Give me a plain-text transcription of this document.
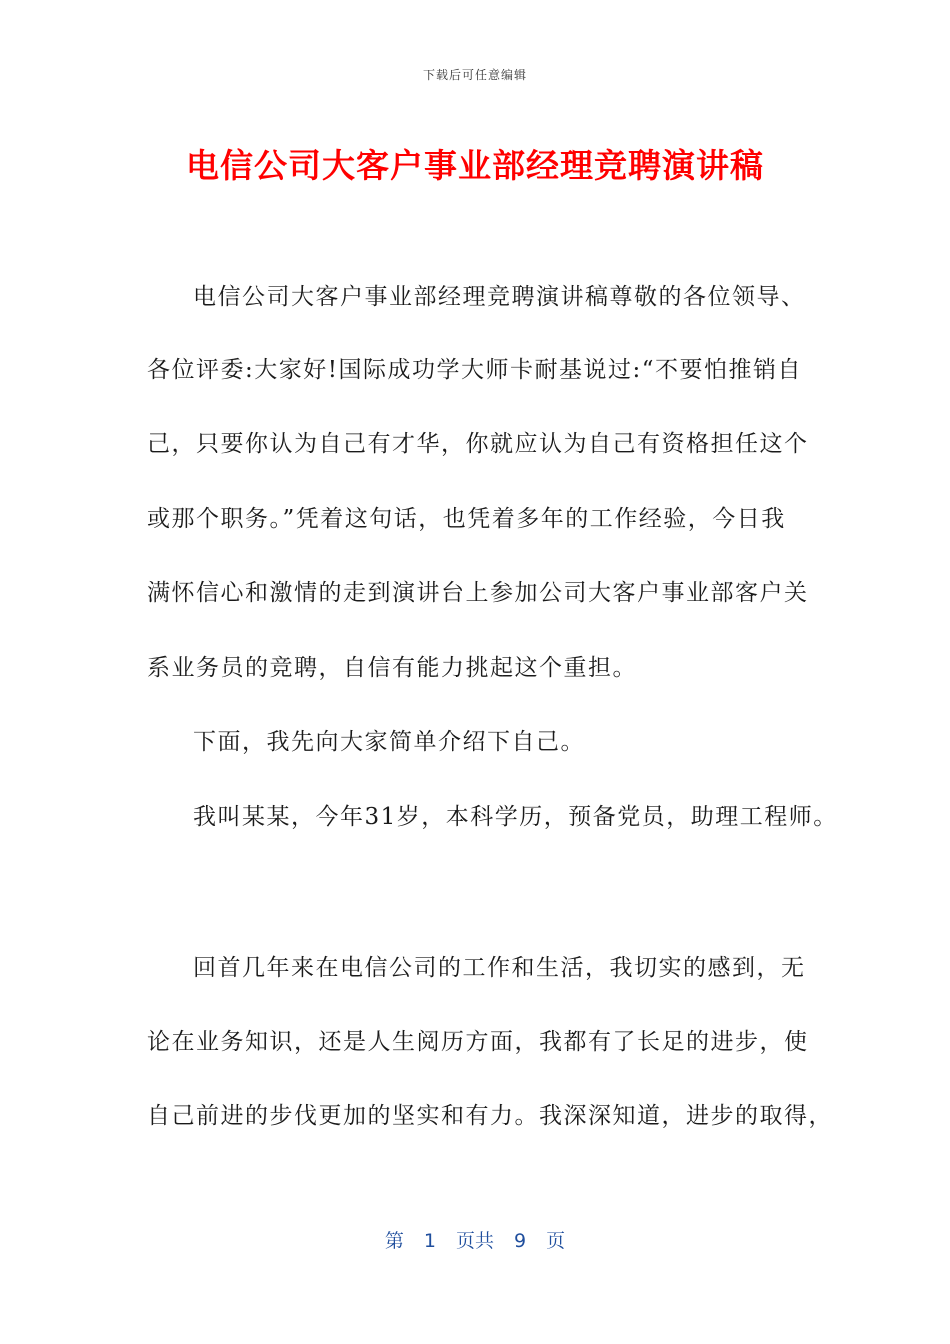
下载后可任意编辑
电信公司大客户事业部经理竞聘演讲稿
电信公司大客户事业部经理竞聘演讲稿尊敬的各位领导、
各位评委:大家好!国际成功学大师卡耐基说过:“不要怕推销自
己，只要你认为自己有才华，你就应认为自己有资格担任这个
或那个职务。”凭着这句话，也凭着多年的工作经验，今日我
满怀信心和激情的走到演讲台上参加公司大客户事业部客户关
系业务员的竞聘，自信有能力挑起这个重担。
下面，我先向大家简单介绍下自己。
我叫某某，今年31岁，本科学历，预备党员，助理工程师。
回首几年来在电信公司的工作和生活，我切实的感到，无
论在业务知识，还是人生阅历方面，我都有了长足的进步，使
自己前进的步伐更加的坚实和有力。我深深知道，进步的取得，
第 1 页共 9 页
